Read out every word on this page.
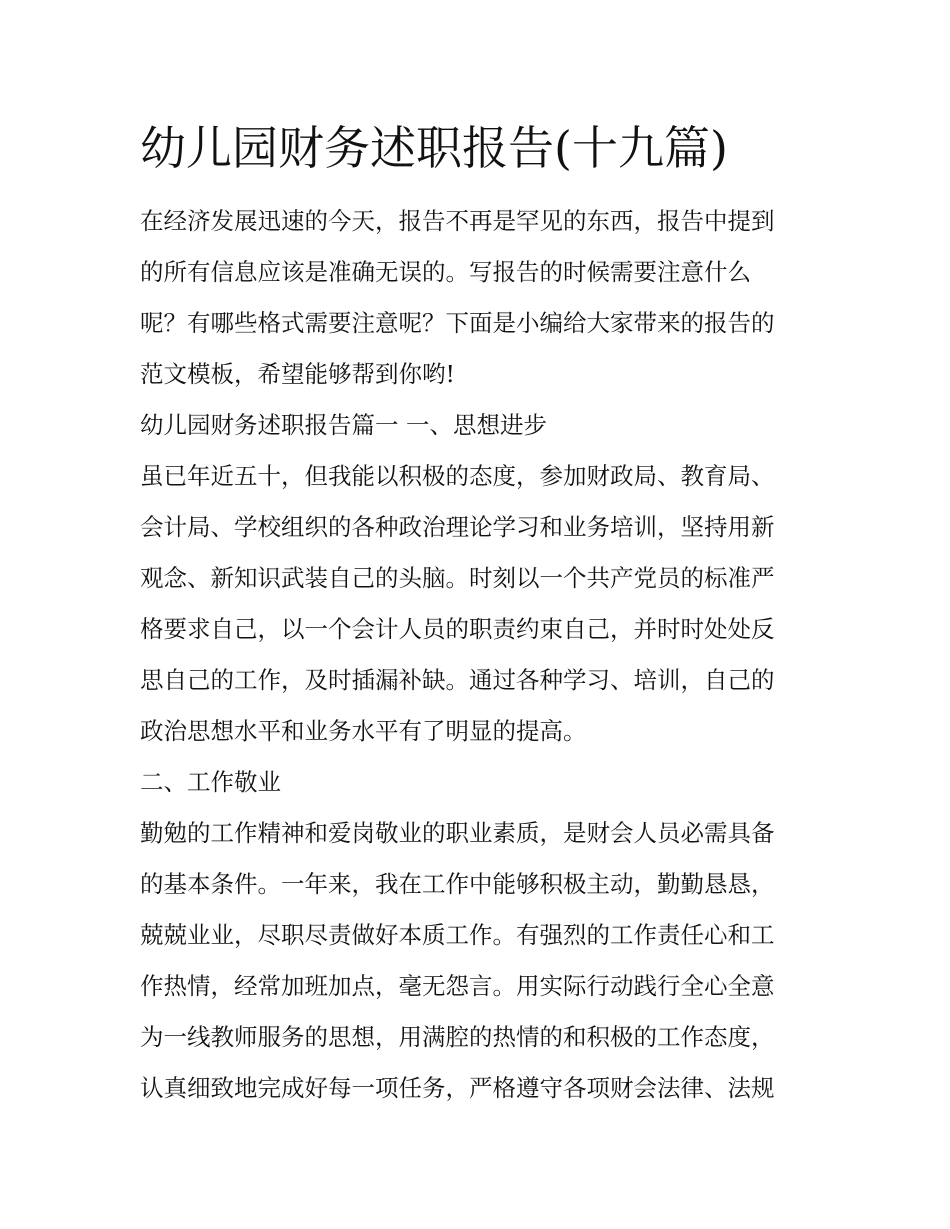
幼儿园财务述职报告(十九篇)
在经济发展迅速的今天，报告不再是罕见的东西，报告中提到
的所有信息应该是准确无误的。写报告的时候需要注意什么
呢？有哪些格式需要注意呢？下面是小编给大家带来的报告的
范文模板，希望能够帮到你哟!
幼儿园财务述职报告篇一 一、思想进步
虽已年近五十，但我能以积极的态度，参加财政局、教育局、
会计局、学校组织的各种政治理论学习和业务培训，坚持用新
观念、新知识武装自己的头脑。时刻以一个共产党员的标准严
格要求自己，以一个会计人员的职责约束自己，并时时处处反
思自己的工作，及时插漏补缺。通过各种学习、培训，自己的
政治思想水平和业务水平有了明显的提高。
二、工作敬业
勤勉的工作精神和爱岗敬业的职业素质，是财会人员必需具备
的基本条件。一年来，我在工作中能够积极主动，勤勤恳恳，
兢兢业业，尽职尽责做好本质工作。有强烈的工作责任心和工
作热情，经常加班加点，毫无怨言。用实际行动践行全心全意
为一线教师服务的思想，用满腔的热情的和积极的工作态度，
认真细致地完成好每一项任务，严格遵守各项财会法律、法规
